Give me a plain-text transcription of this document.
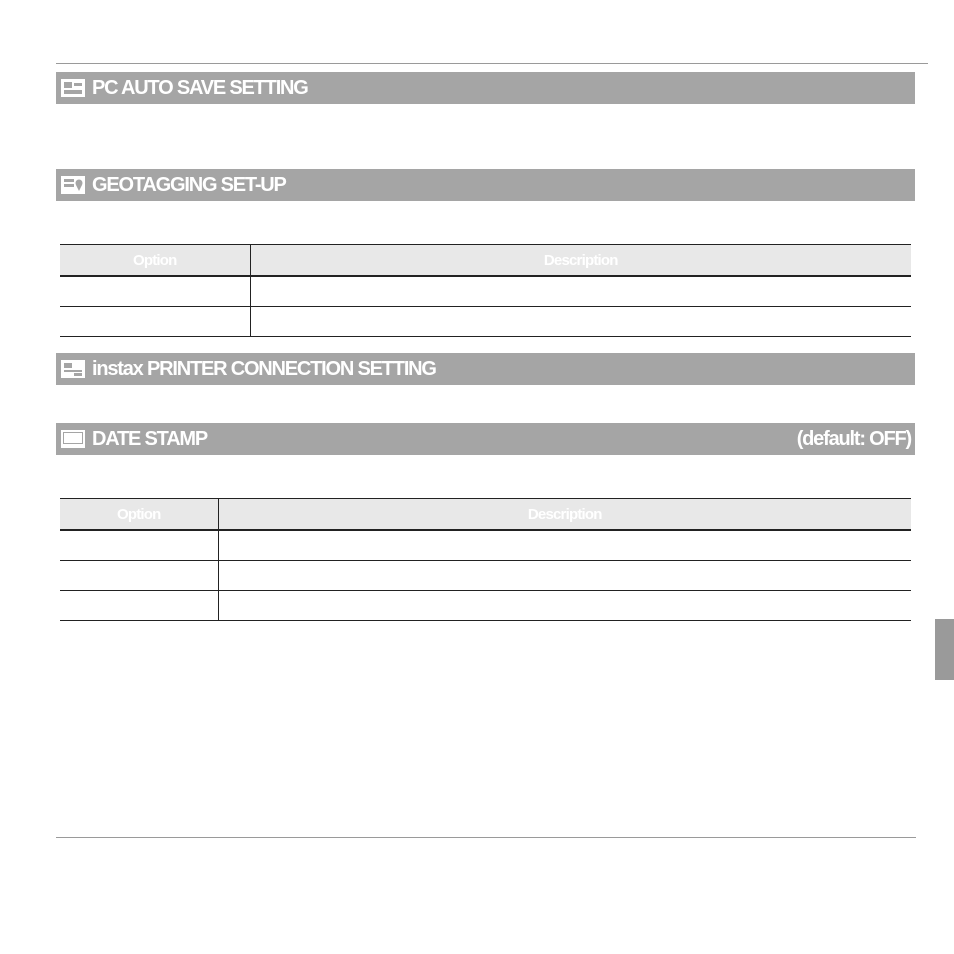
PC AUTO SAVE SETTING
GEOTAGGING SET-UP
Option	Description

instax PRINTER CONNECTION SETTING
DATE STAMP	(default: OFF)
Option	Description
